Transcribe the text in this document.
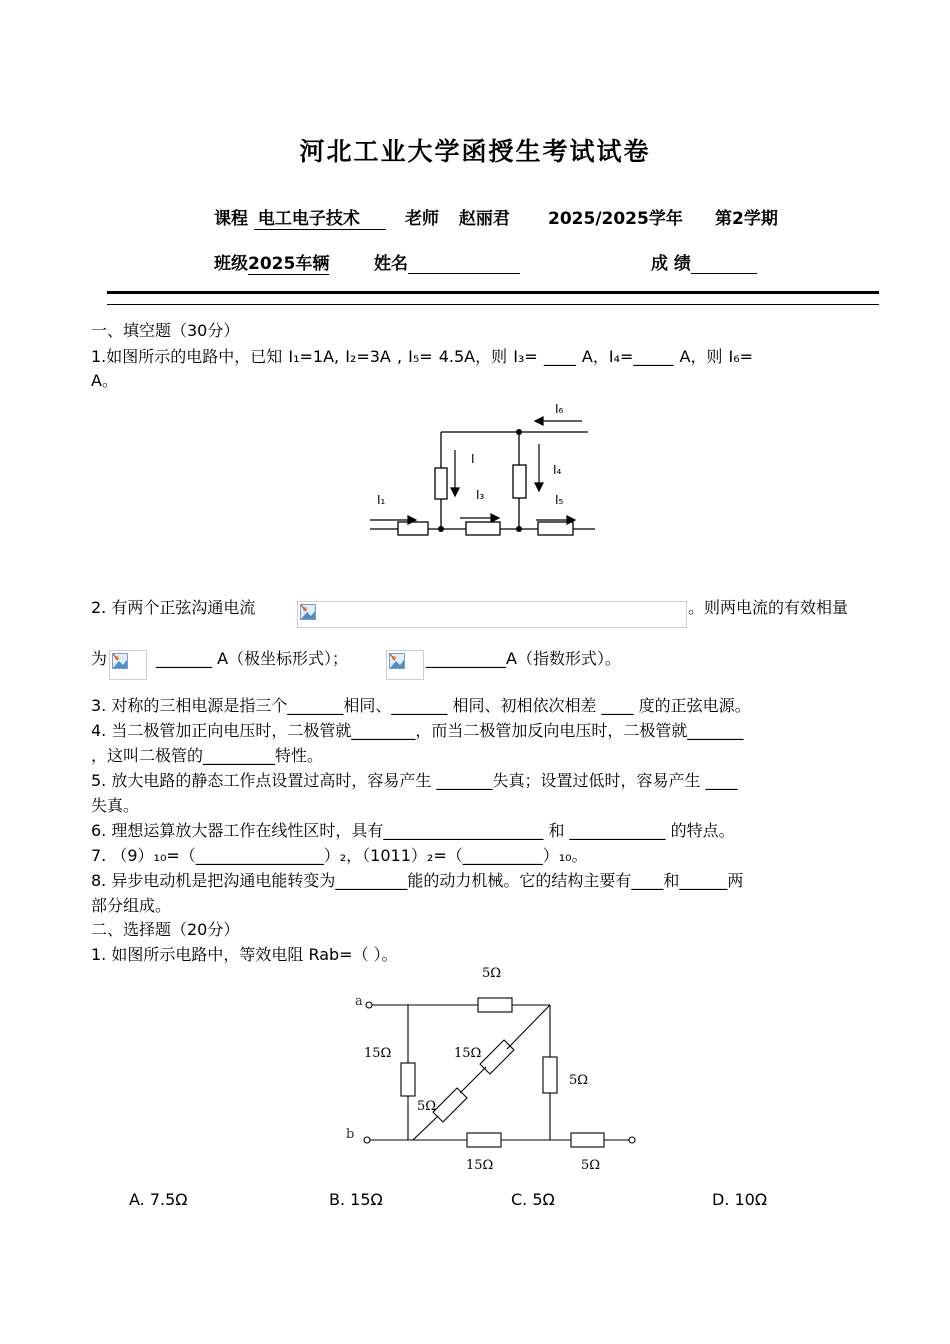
河北工业大学函授生考试试卷
课程 电工电子技术	老师 赵丽君 2025/2025学年 第2学期
班级2025车辆	姓名	成 绩
一、填空题（30分）
1.如图所示的电路中，已知 I₁=1A, I₂=3A , I₅= 4.5A，则 I₃= ____ A，I₄=_____ A，则 I₆=
A。
I₆
I
I₄
I₁	I₃	I₅
2. 有两个正弦沟通电流	。则两电流的有效相量
为	_______ A（极坐标形式）；	__________A（指数形式）。
3. 对称的三相电源是指三个_______相同、_______ 相同、初相依次相差 ____ 度的正弦电源。
4. 当二极管加正向电压时，二极管就________，而当二极管加反向电压时，二极管就_______
，这叫二极管的_________特性。
5. 放大电路的静态工作点设置过高时，容易产生 _______失真；设置过低时，容易产生 ____
失真。
6. 理想运算放大器工作在线性区时，具有____________________ 和 ____________ 的特点。
7. （9）₁₀=（________________）₂，（1011）₂=（__________）₁₀。
8. 异步电动机是把沟通电能转变为_________能的动力机械。它的结构主要有____和______两
部分组成。
二、选择题（20分）
1. 如图所示电路中，等效电阻 Rab=（ ）。
a
b
5Ω
15Ω	15Ω
5Ω
5Ω
15Ω	5Ω
A. 7.5Ω	B. 15Ω	C. 5Ω	D. 10Ω
